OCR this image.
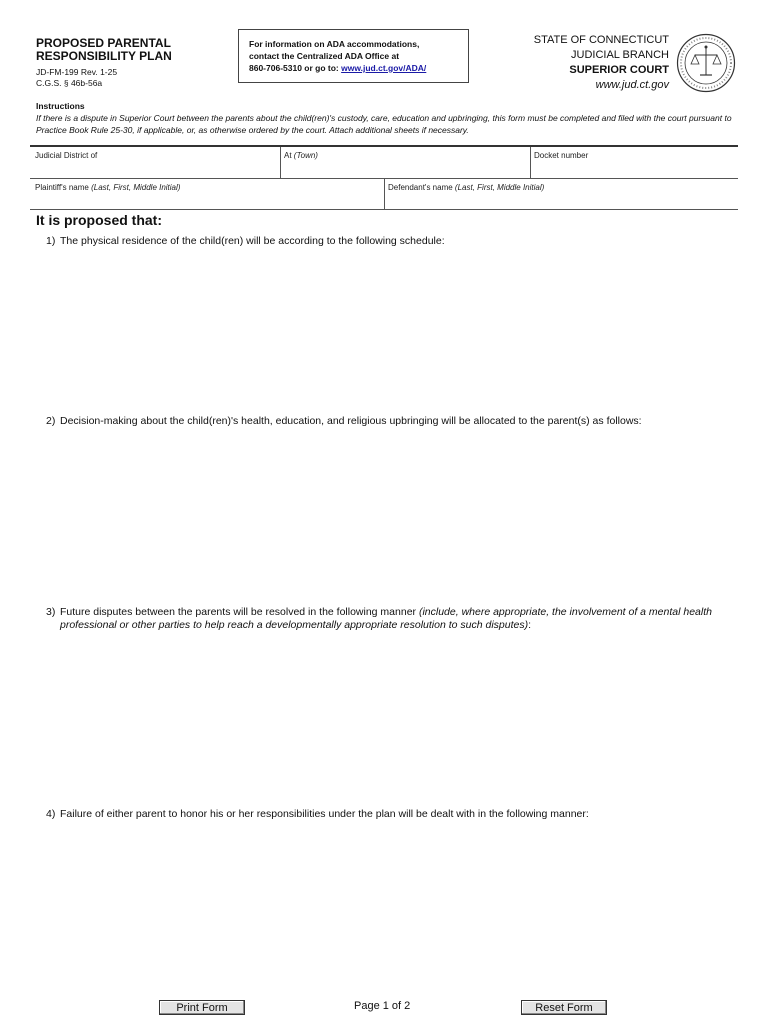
PROPOSED PARENTAL
RESPONSIBILITY PLAN
JD-FM-199 Rev. 1-25
C.G.S. § 46b-56a
For information on ADA accommodations,
contact the Centralized ADA Office at
860-706-5310 or go to: www.jud.ct.gov/ADA/
STATE OF CONNECTICUT
JUDICIAL BRANCH
SUPERIOR COURT
www.jud.ct.gov
Instructions
If there is a dispute in Superior Court between the parents about the child(ren)'s custody, care, education and upbringing, this form must be completed and filed with the court pursuant to Practice Book Rule 25-30, if applicable, or, as otherwise ordered by the court. Attach additional sheets if necessary.
Judicial District of	At (Town)	Docket number
Plaintiff's name (Last, First, Middle Initial)	Defendant's name (Last, First, Middle Initial)
It is proposed that:
1) The physical residence of the child(ren) will be according to the following schedule:
2) Decision-making about the child(ren)'s health, education, and religious upbringing will be allocated to the parent(s) as follows:
3) Future disputes between the parents will be resolved in the following manner (include, where appropriate, the involvement of a mental health professional or other parties to help reach a developmentally appropriate resolution to such disputes):
4) Failure of either parent to honor his or her responsibilities under the plan will be dealt with in the following manner:
Print Form	Page 1 of 2	Reset Form
